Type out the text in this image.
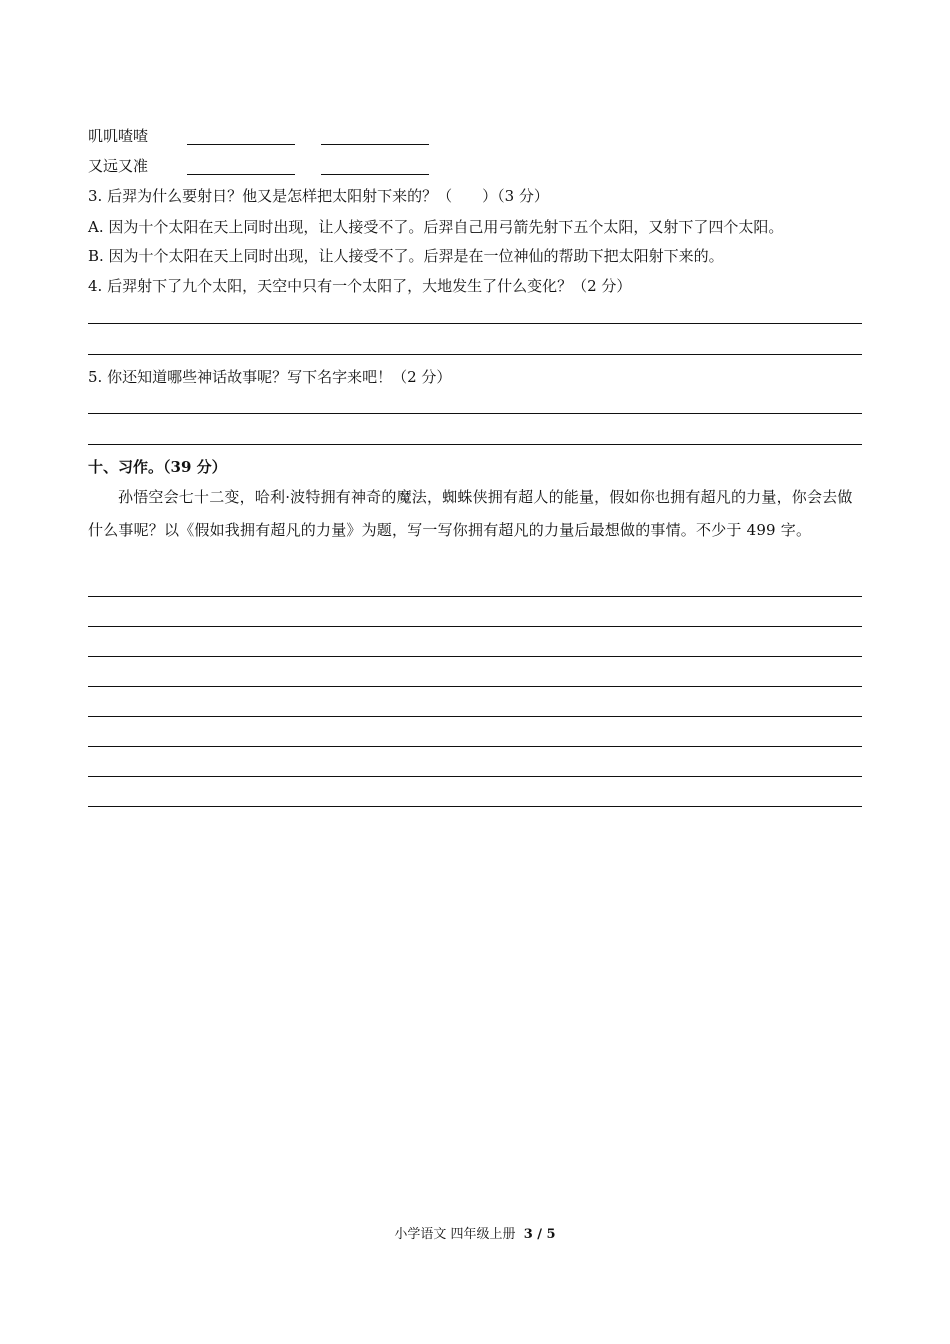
叽叽喳喳
又远又准
3. 后羿为什么要射日？他又是怎样把太阳射下来的？（　　）（3 分）
A. 因为十个太阳在天上同时出现，让人接受不了。后羿自己用弓箭先射下五个太阳，又射下了四个太阳。
B. 因为十个太阳在天上同时出现，让人接受不了。后羿是在一位神仙的帮助下把太阳射下来的。
4. 后羿射下了九个太阳，天空中只有一个太阳了，大地发生了什么变化？（2 分）
5. 你还知道哪些神话故事呢？写下名字来吧！（2 分）
十、习作。（39 分）
孙悟空会七十二变，哈利·波特拥有神奇的魔法，蜘蛛侠拥有超人的能量，假如你也拥有超凡的力量，你会去做什么事呢？以《假如我拥有超凡的力量》为题，写一写你拥有超凡的力量后最想做的事情。不少于 499 字。
小学语文 四年级上册 3 / 5
